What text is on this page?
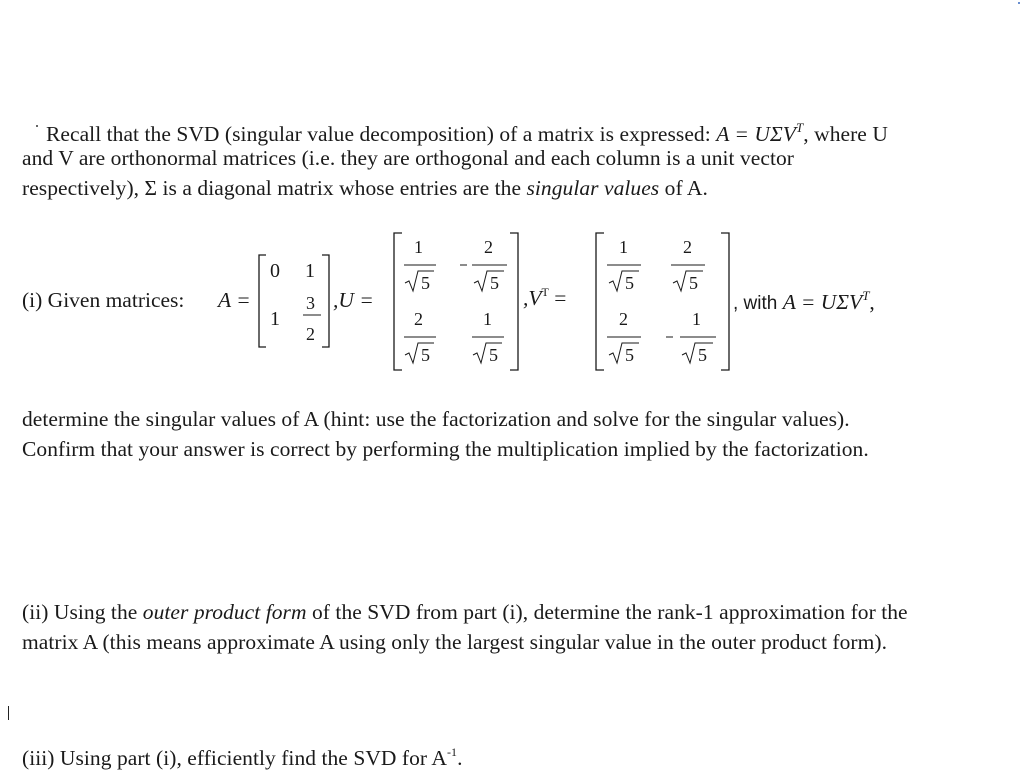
Recall that the SVD (singular value decomposition) of a matrix is expressed: $A = U\Sigma V^T$, where U
and V are orthonormal matrices (i.e. they are orthogonal and each column is a unit vector
respectively), Σ is a diagonal matrix whose entries are the singular values of A.
(i) Given matrices: A =
0 1
1
3
2
1
5
2
5
2
5
1
5
1
5
2
5
2
5
1
5
,U =	$,V^T$ =	, with $A = U\Sigma V^T$,
determine the singular values of A (hint: use the factorization and solve for the singular values).
Confirm that your answer is correct by performing the multiplication implied by the factorization.
(ii) Using the outer product form of the SVD from part (i), determine the rank-1 approximation for the
matrix A (this means approximate A using only the largest singular value in the outer product form).
(iii) Using part (i), efficiently find the SVD for $A^{-1}$.
